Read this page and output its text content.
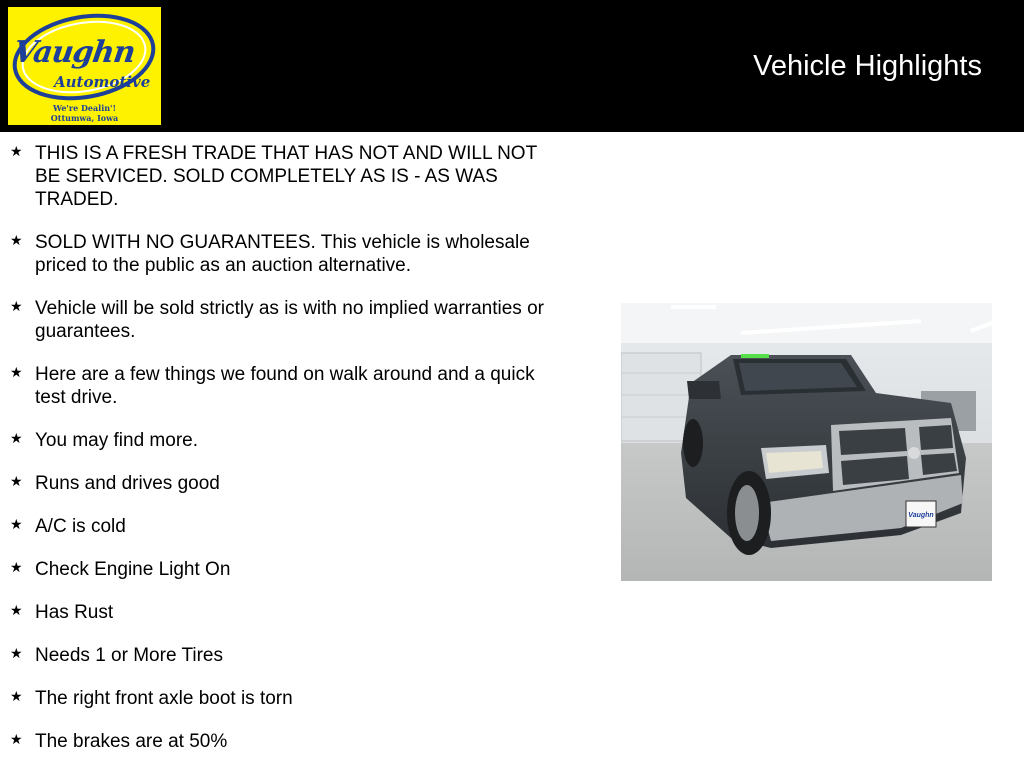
Vaughn
Automotive
We're Dealin'!
Ottumwa, Iowa
Vehicle Highlights
★ THIS IS A FRESH TRADE THAT HAS NOT AND WILL NOT BE SERVICED. SOLD COMPLETELY AS IS - AS WAS TRADED.
★ SOLD WITH NO GUARANTEES. This vehicle is wholesale priced to the public as an auction alternative.
★ Vehicle will be sold strictly as is with no implied warranties or guarantees.
★ Here are a few things we found on walk around and a quick test drive.
★ You may find more.
★ Runs and drives good
★ A/C is cold
★ Check Engine Light On
★ Has Rust
★ Needs 1 or More Tires
★ The right front axle boot is torn
★ The brakes are at 50%
Vaughn
